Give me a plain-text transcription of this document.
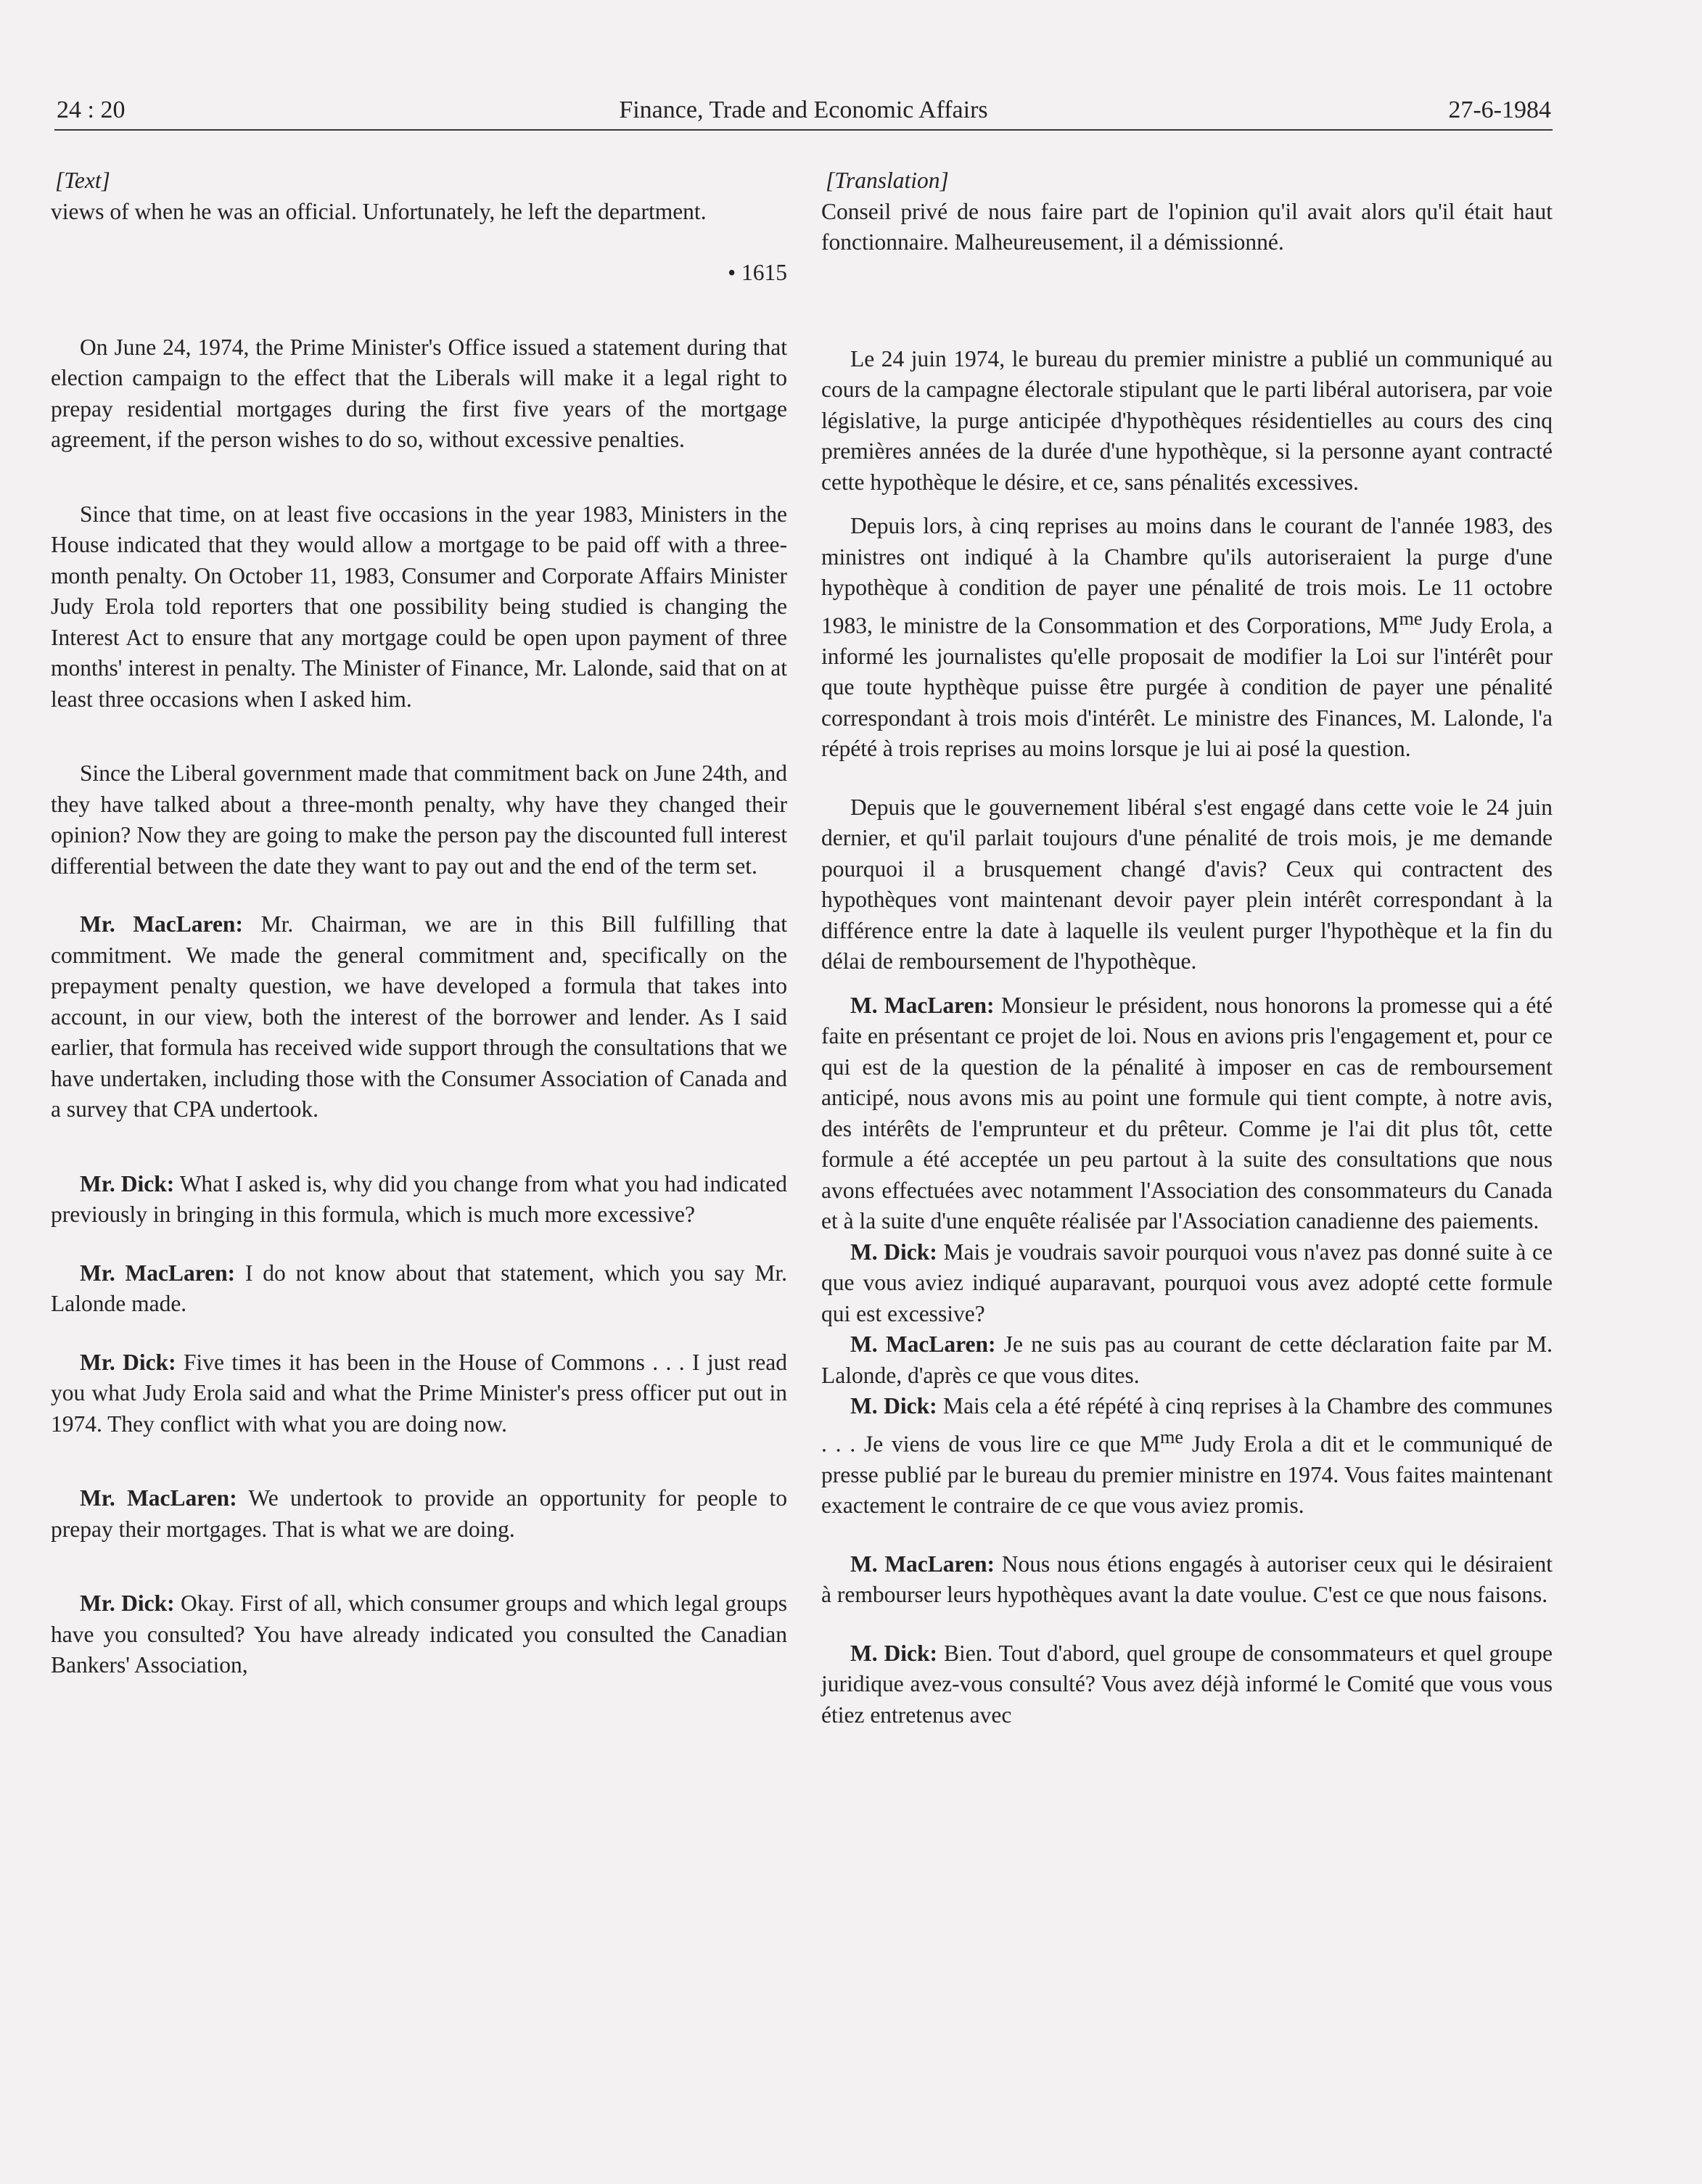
24 : 20	Finance, Trade and Economic Affairs	27-6-1984

[Text]

views of when he was an official. Unfortunately, he left the department.

• 1615

On June 24, 1974, the Prime Minister's Office issued a statement during that election campaign to the effect that the Liberals will make it a legal right to prepay residential mortgages during the first five years of the mortgage agreement, if the person wishes to do so, without excessive penalties.

Since that time, on at least five occasions in the year 1983, Ministers in the House indicated that they would allow a mortgage to be paid off with a three-month penalty. On October 11, 1983, Consumer and Corporate Affairs Minister Judy Erola told reporters that one possibility being studied is changing the Interest Act to ensure that any mortgage could be open upon payment of three months' interest in penalty. The Minister of Finance, Mr. Lalonde, said that on at least three occasions when I asked him.

Since the Liberal government made that commitment back on June 24th, and they have talked about a three-month penalty, why have they changed their opinion? Now they are going to make the person pay the discounted full interest differential between the date they want to pay out and the end of the term set.

Mr. MacLaren: Mr. Chairman, we are in this Bill fulfilling that commitment. We made the general commitment and, specifically on the prepayment penalty question, we have developed a formula that takes into account, in our view, both the interest of the borrower and lender. As I said earlier, that formula has received wide support through the consultations that we have undertaken, including those with the Consumer Association of Canada and a survey that CPA undertook.

Mr. Dick: What I asked is, why did you change from what you had indicated previously in bringing in this formula, which is much more excessive?

Mr. MacLaren: I do not know about that statement, which you say Mr. Lalonde made.

Mr. Dick: Five times it has been in the House of Commons . . . I just read you what Judy Erola said and what the Prime Minister's press officer put out in 1974. They conflict with what you are doing now.

Mr. MacLaren: We undertook to provide an opportunity for people to prepay their mortgages. That is what we are doing.

Mr. Dick: Okay. First of all, which consumer groups and which legal groups have you consulted? You have already indicated you consulted the Canadian Bankers' Association,

[Translation]

Conseil privé de nous faire part de l'opinion qu'il avait alors qu'il était haut fonctionnaire. Malheureusement, il a démissionné.

Le 24 juin 1974, le bureau du premier ministre a publié un communiqué au cours de la campagne électorale stipulant que le parti libéral autorisera, par voie législative, la purge anticipée d'hypothèques résidentielles au cours des cinq premières années de la durée d'une hypothèque, si la personne ayant contracté cette hypothèque le désire, et ce, sans pénalités excessives.

Depuis lors, à cinq reprises au moins dans le courant de l'année 1983, des ministres ont indiqué à la Chambre qu'ils autoriseraient la purge d'une hypothèque à condition de payer une pénalité de trois mois. Le 11 octobre 1983, le ministre de la Consommation et des Corporations, $M^{me}$ Judy Erola, a informé les journalistes qu'elle proposait de modifier la Loi sur l'intérêt pour que toute hypthèque puisse être purgée à condition de payer une pénalité correspondant à trois mois d'intérêt. Le ministre des Finances, M. Lalonde, l'a répété à trois reprises au moins lorsque je lui ai posé la question.

Depuis que le gouvernement libéral s'est engagé dans cette voie le 24 juin dernier, et qu'il parlait toujours d'une pénalité de trois mois, je me demande pourquoi il a brusquement changé d'avis? Ceux qui contractent des hypothèques vont maintenant devoir payer plein intérêt correspondant à la différence entre la date à laquelle ils veulent purger l'hypothèque et la fin du délai de remboursement de l'hypothèque.

M. MacLaren: Monsieur le président, nous honorons la promesse qui a été faite en présentant ce projet de loi. Nous en avions pris l'engagement et, pour ce qui est de la question de la pénalité à imposer en cas de remboursement anticipé, nous avons mis au point une formule qui tient compte, à notre avis, des intérêts de l'emprunteur et du prêteur. Comme je l'ai dit plus tôt, cette formule a été acceptée un peu partout à la suite des consultations que nous avons effectuées avec notamment l'Association des consommateurs du Canada et à la suite d'une enquête réalisée par l'Association canadienne des paiements.

M. Dick: Mais je voudrais savoir pourquoi vous n'avez pas donné suite à ce que vous aviez indiqué auparavant, pourquoi vous avez adopté cette formule qui est excessive?

M. MacLaren: Je ne suis pas au courant de cette déclaration faite par M. Lalonde, d'après ce que vous dites.

M. Dick: Mais cela a été répété à cinq reprises à la Chambre des communes . . . Je viens de vous lire ce que $M^{me}$ Judy Erola a dit et le communiqué de presse publié par le bureau du premier ministre en 1974. Vous faites maintenant exactement le contraire de ce que vous aviez promis.

M. MacLaren: Nous nous étions engagés à autoriser ceux qui le désiraient à rembourser leurs hypothèques avant la date voulue. C'est ce que nous faisons.

M. Dick: Bien. Tout d'abord, quel groupe de consommateurs et quel groupe juridique avez-vous consulté? Vous avez déjà informé le Comité que vous vous étiez entretenus avec
